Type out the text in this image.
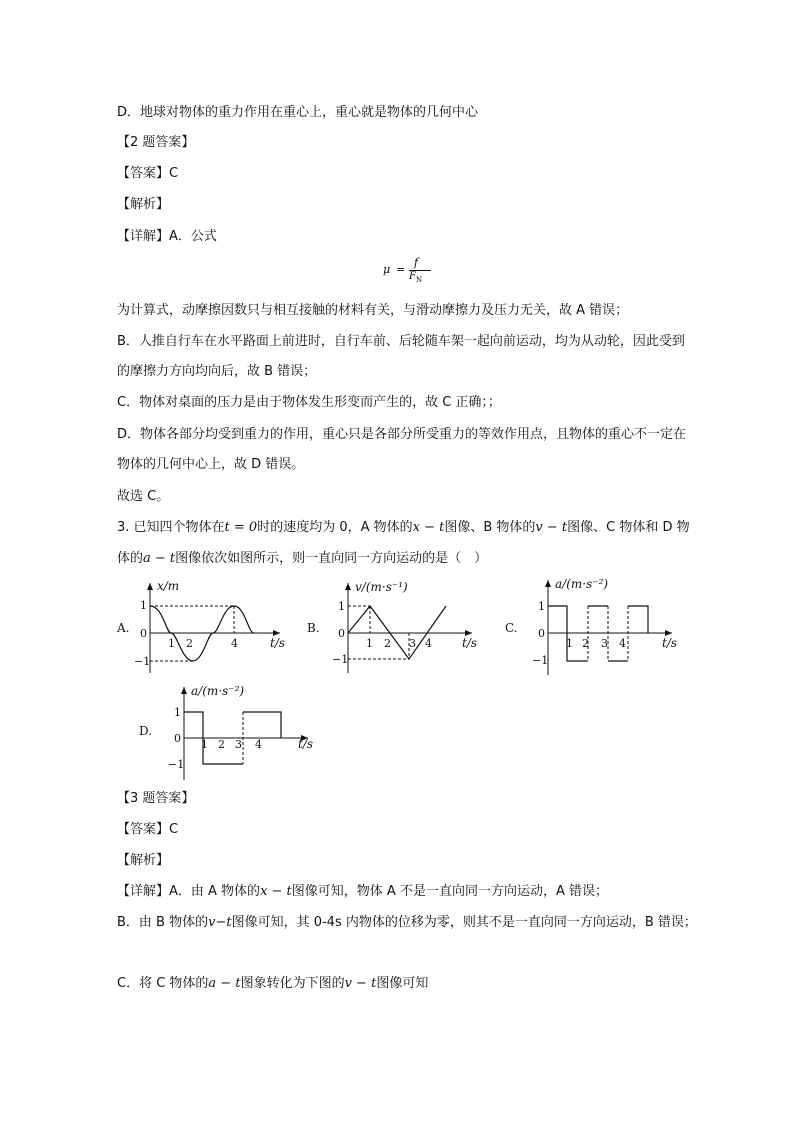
D．地球对物体的重力作用在重心上，重心就是物体的几何中心
【2 题答案】
【答案】C
【解析】
【详解】A．公式
μ =
f
$F_N$
为计算式，动摩擦因数只与相互接触的材料有关，与滑动摩擦力及压力无关，故 A 错误；
B．人推自行车在水平路面上前进时，自行车前、后轮随车架一起向前运动，均为从动轮，因此受到的摩擦力方向均向后，故 B 错误；
C．物体对桌面的压力是由于物体发生形变而产生的，故 C 正确；；
D．物体各部分均受到重力的作用，重心只是各部分所受重力的等效作用点，且物体的重心不一定在物体的几何中心上，故 D 错误。
故选 C。
3. 已知四个物体在t = 0时的速度均为 0，A 物体的x − t图像、B 物体的v − t图像、C 物体和 D 物
体的a − t图像依次如图所示，则一直向同一方向运动的是（　）
A.
x/m
t/s
1
0
−1
1 2	4
B.
v/(m·s⁻¹)
t/s
1
0
−1
1 2 3 4
C.
a/(m·s⁻²)
t/s
1
0
−1
1 2 3 4
D.
a/(m·s⁻²)
t/s
1
0
−1
1 2 3 4
【3 题答案】
【答案】C
【解析】
【详解】A．由 A 物体的x − t图像可知，物体 A 不是一直向同一方向运动，A 错误；
B．由 B 物体的v−t图像可知，其 0-4s 内物体的位移为零，则其不是一直向同一方向运动，B 错误；
C．将 C 物体的a − t图象转化为下图的v − t图像可知
